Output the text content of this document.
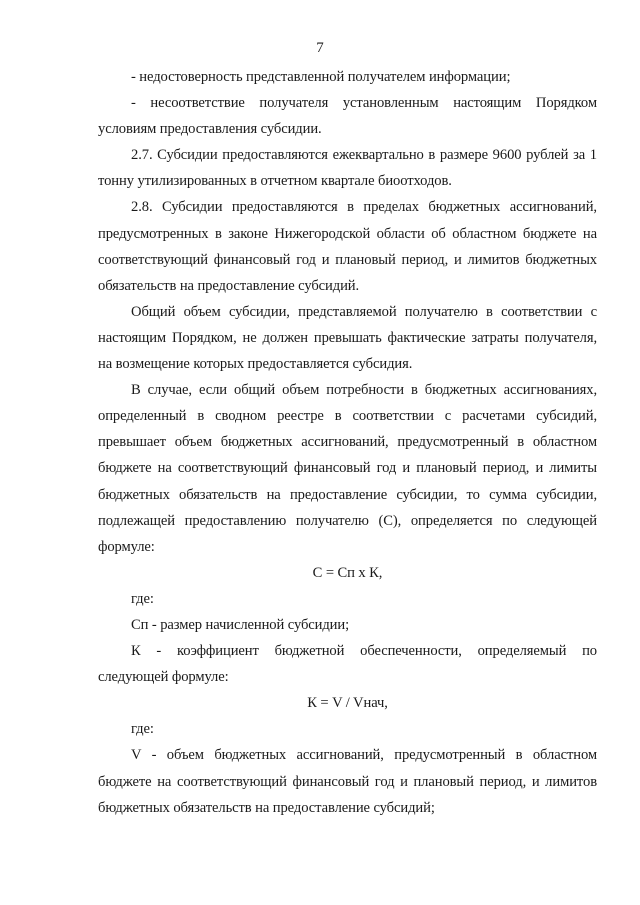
7

- недостоверность представленной получателем информации;

- несоответствие получателя установленным настоящим Порядком условиям предоставления субсидии.

2.7. Субсидии предоставляются ежеквартально в размере 9600 рублей за 1 тонну утилизированных в отчетном квартале биоотходов.

2.8. Субсидии предоставляются в пределах бюджетных ассигнований, предусмотренных в законе Нижегородской области об областном бюджете на соответствующий финансовый год и плановый период, и лимитов бюджетных обязательств на предоставление субсидий.

Общий объем субсидии, представляемой получателю в соответствии с настоящим Порядком, не должен превышать фактические затраты получателя, на возмещение которых предоставляется субсидия.

В случае, если общий объем потребности в бюджетных ассигнованиях, определенный в сводном реестре в соответствии с расчетами субсидий, превышает объем бюджетных ассигнований, предусмотренный в областном бюджете на соответствующий финансовый год и плановый период, и лимиты бюджетных обязательств на предоставление субсидии, то сумма субсидии, подлежащей предоставлению получателю (С), определяется по следующей формуле:

С = Сп х К,

где:

Сп - размер начисленной субсидии;

К - коэффициент бюджетной обеспеченности, определяемый по следующей формуле:

К = V / Vнач,

где:

V - объем бюджетных ассигнований, предусмотренный в областном бюджете на соответствующий финансовый год и плановый период, и лимитов бюджетных обязательств на предоставление субсидий;
